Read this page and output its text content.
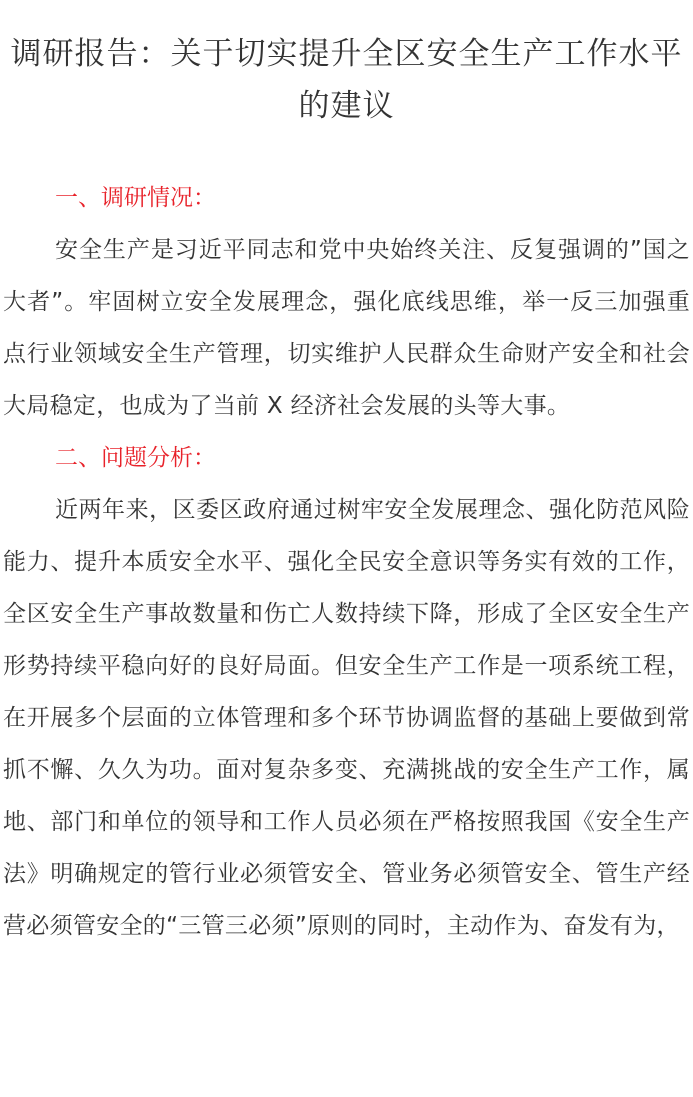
调研报告：关于切实提升全区安全生产工作水平的建议

一、调研情况：

安全生产是习近平同志和党中央始终关注、反复强调的”国之大者”。牢固树立安全发展理念，强化底线思维，举一反三加强重点行业领域安全生产管理，切实维护人民群众生命财产安全和社会大局稳定，也成为了当前 X 经济社会发展的头等大事。

二、问题分析：

近两年来，区委区政府通过树牢安全发展理念、强化防范风险能力、提升本质安全水平、强化全民安全意识等务实有效的工作，全区安全生产事故数量和伤亡人数持续下降，形成了全区安全生产形势持续平稳向好的良好局面。但安全生产工作是一项系统工程，在开展多个层面的立体管理和多个环节协调监督的基础上要做到常抓不懈、久久为功。面对复杂多变、充满挑战的安全生产工作，属地、部门和单位的领导和工作人员必须在严格按照我国《安全生产法》明确规定的管行业必须管安全、管业务必须管安全、管生产经营必须管安全的“三管三必须”原则的同时，主动作为、奋发有为，
